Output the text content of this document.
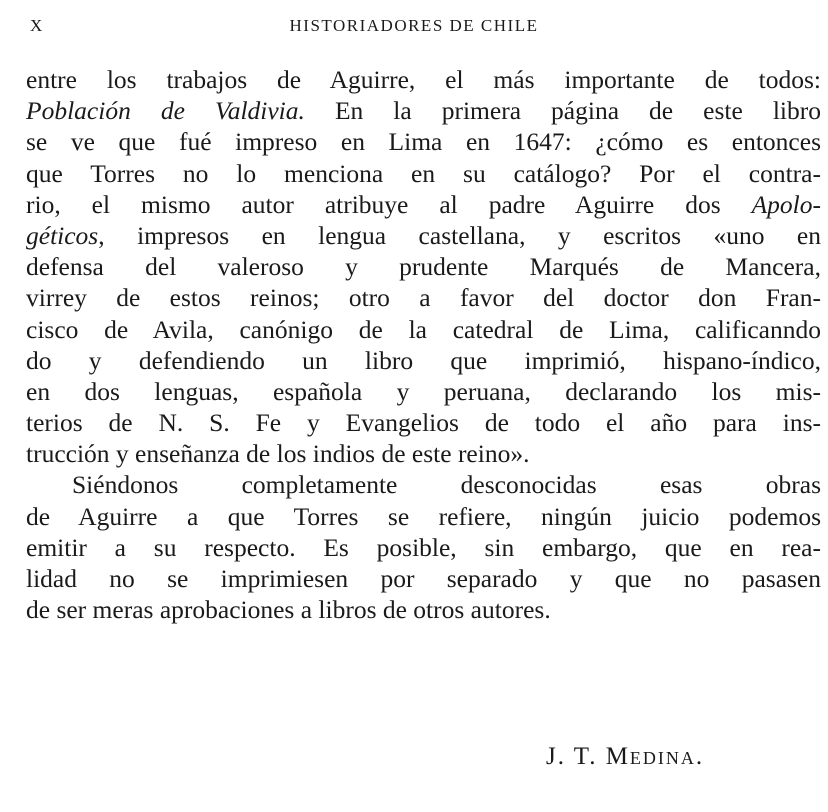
X	HISTORIADORES DE CHILE
entre los trabajos de Aguirre, el más importante de todos:
Población de Valdivia. En la primera página de este libro
se ve que fué impreso en Lima en 1647: ¿cómo es entonces
que Torres no lo menciona en su catálogo? Por el contra-
rio, el mismo autor atribuye al padre Aguirre dos Apolo-
géticos, impresos en lengua castellana, y escritos «uno en
defensa del valeroso y prudente Marqués de Mancera,
virrey de estos reinos; otro a favor del doctor don Fran-
cisco de Avila, canónigo de la catedral de Lima, calificanndo
do y defendiendo un libro que imprimió, hispano-índico,
en dos lenguas, española y peruana, declarando los mis-
terios de N. S. Fe y Evangelios de todo el año para ins-
trucción y enseñanza de los indios de este reino».
Siéndonos completamente desconocidas esas obras
de Aguirre a que Torres se refiere, ningún juicio podemos
emitir a su respecto. Es posible, sin embargo, que en rea-
lidad no se imprimiesen por separado y que no pasasen
de ser meras aprobaciones a libros de otros autores.
J. T. Medina.
